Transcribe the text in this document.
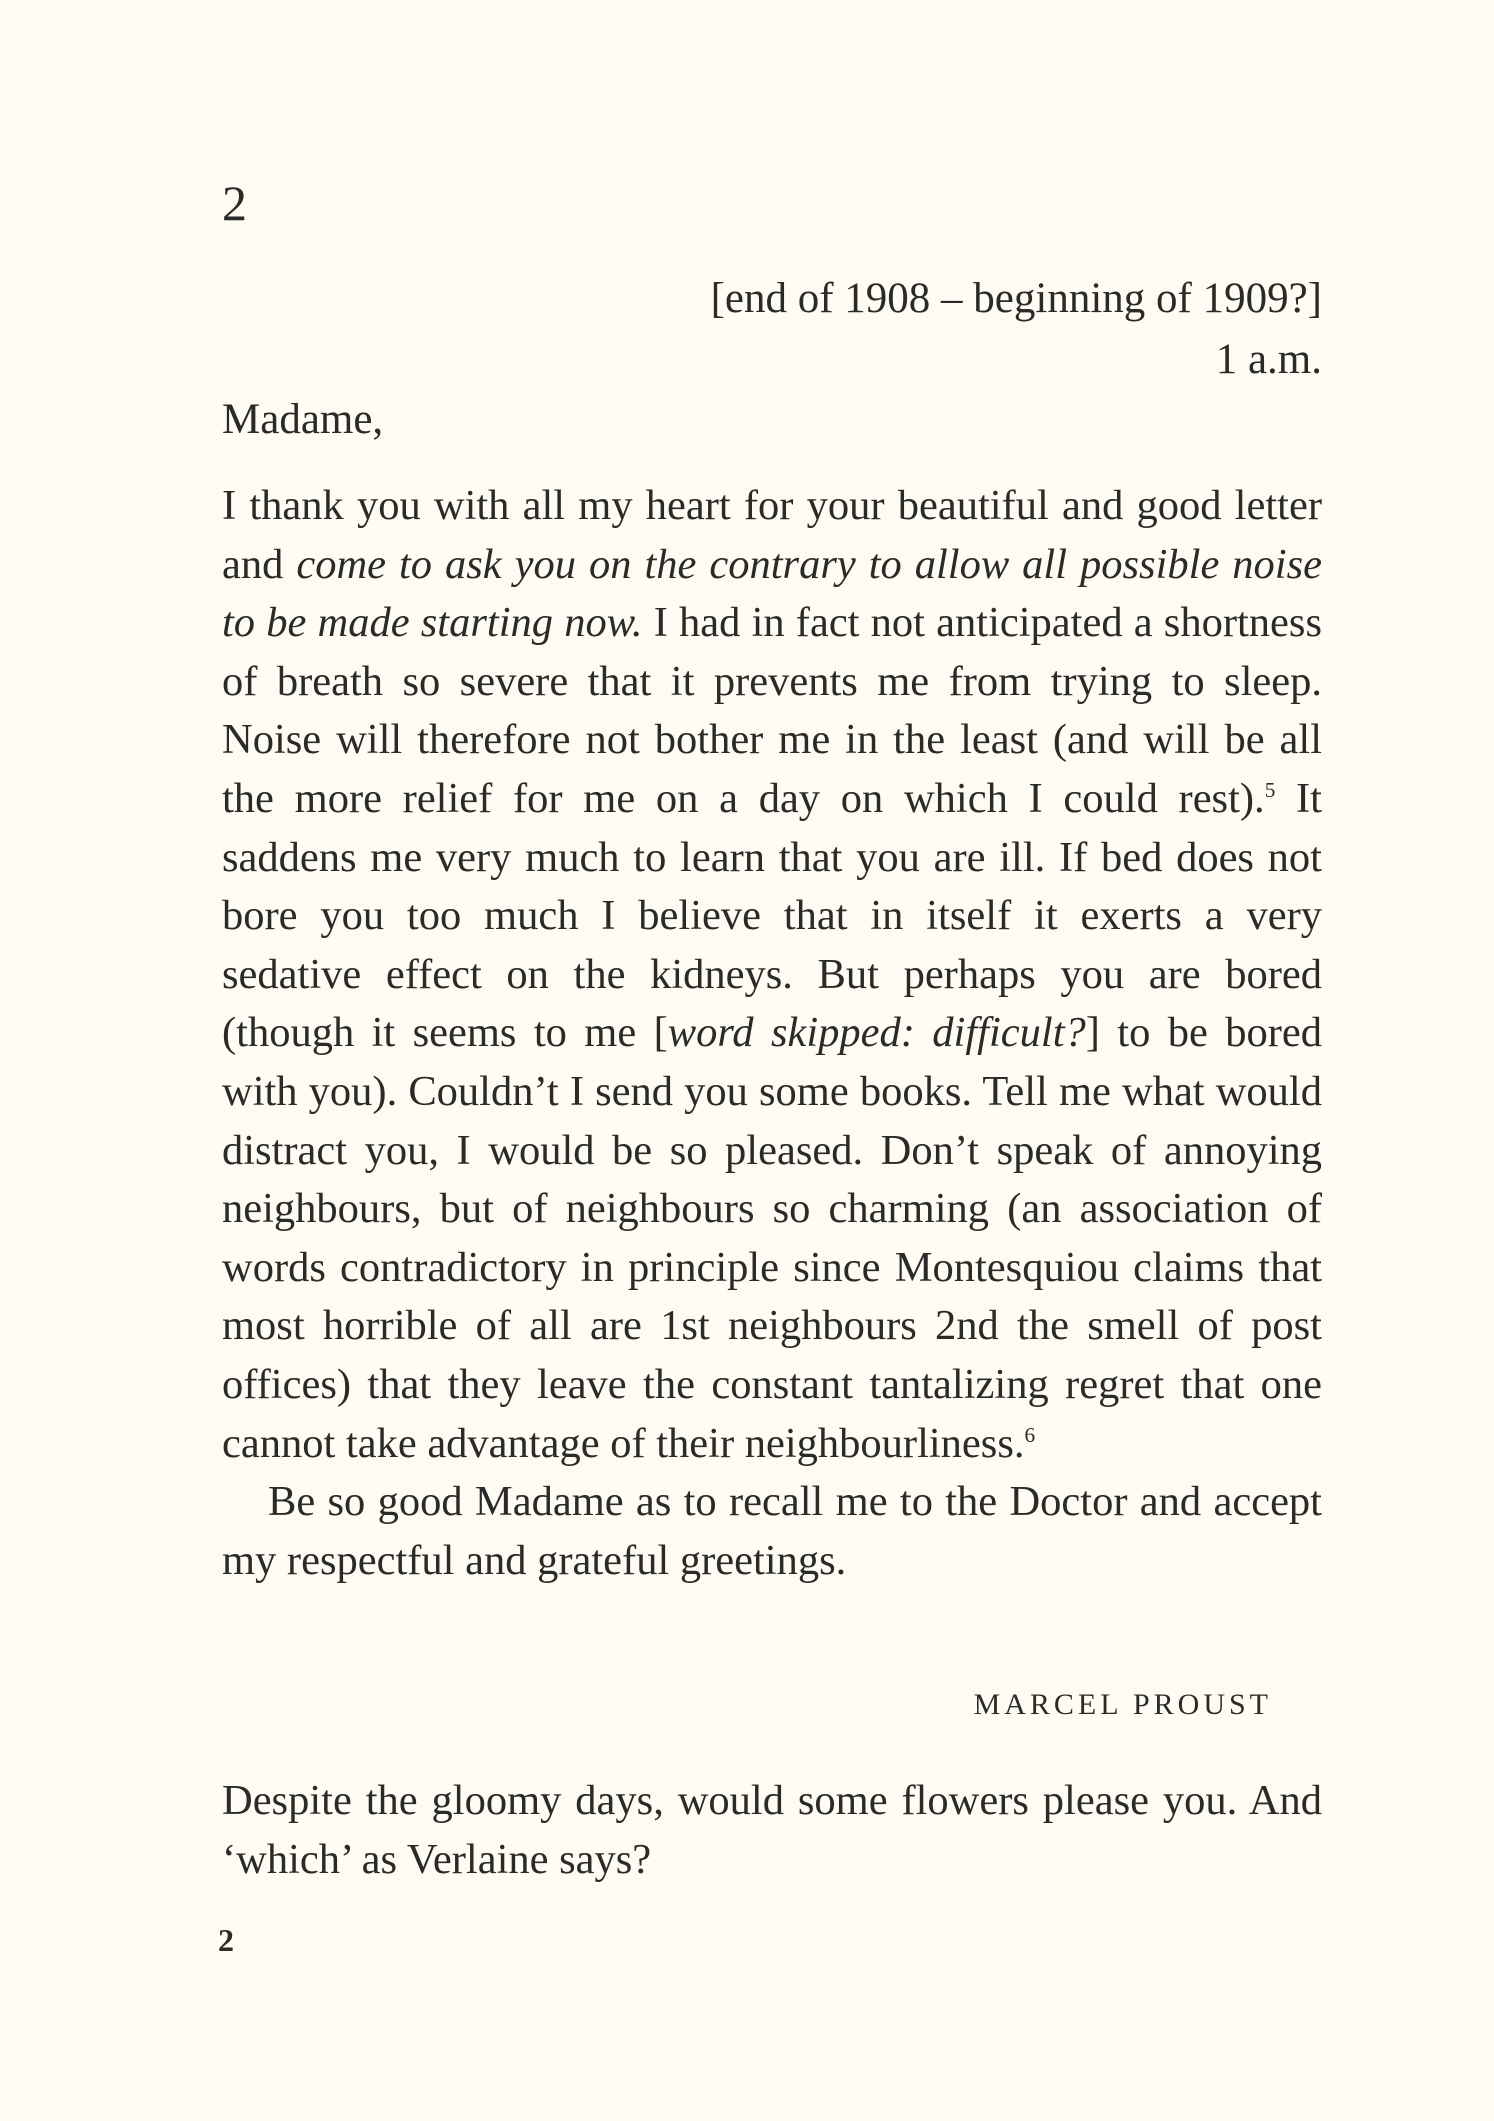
2
[end of 1908 – beginning of 1909?]
1 a.m.
Madame,

I thank you with all my heart for your beautiful and good letter and come to ask you on the contrary to allow all possible noise to be made starting now. I had in fact not anticipated a shortness of breath so severe that it prevents me from trying to sleep. Noise will therefore not bother me in the least (and will be all the more relief for me on a day on which I could rest).$^5$ It saddens me very much to learn that you are ill. If bed does not bore you too much I believe that in itself it exerts a very sedative effect on the kidneys. But perhaps you are bored (though it seems to me [word skipped: difficult?] to be bored with you). Couldn’t I send you some books. Tell me what would distract you, I would be so pleased. Don’t speak of annoying neighbours, but of neighbours so charming (an association of words contradictory in principle since Montesquiou claims that most horrible of all are 1st neighbours 2nd the smell of post offices) that they leave the constant tantalizing regret that one cannot take advantage of their neighbourliness.$^6$

Be so good Madame as to recall me to the Doctor and accept my respectful and grateful greetings.

MARCEL PROUST
Despite the gloomy days, would some flowers please you. And ‘which’ as Verlaine says?
2
